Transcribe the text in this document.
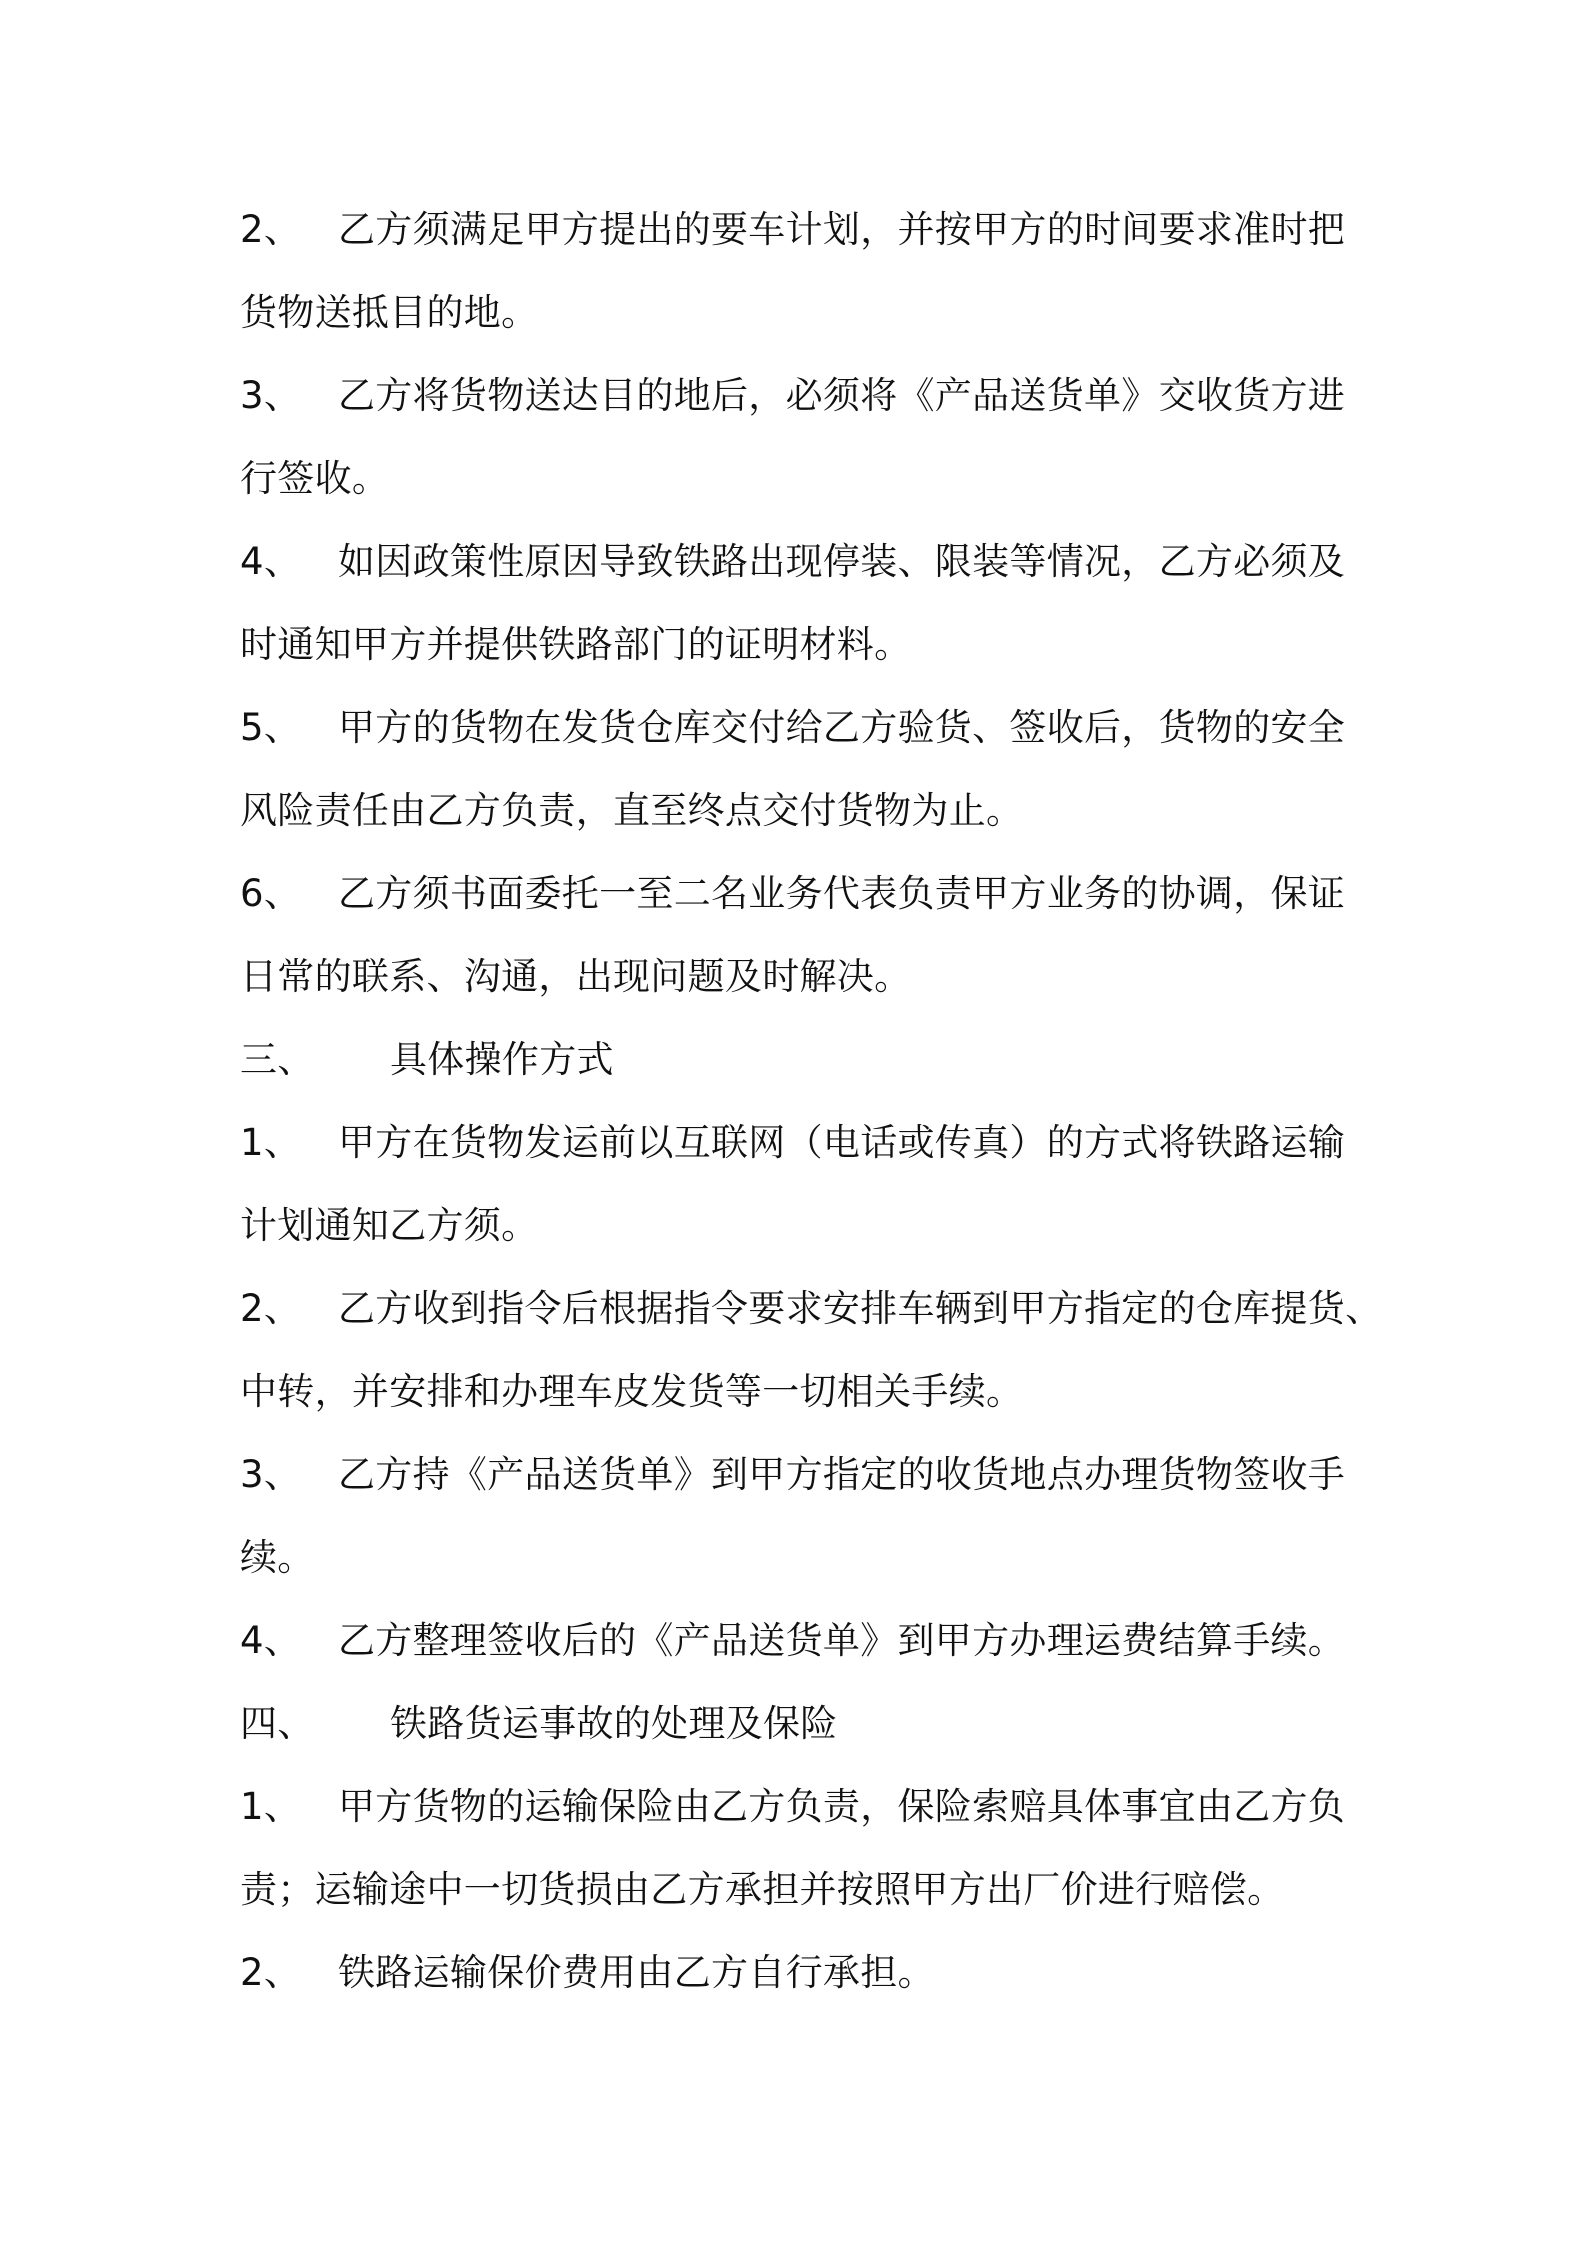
2、 乙方须满足甲方提出的要车计划，并按甲方的时间要求准时把
货物送抵目的地。
3、 乙方将货物送达目的地后，必须将《产品送货单》交收货方进
行签收。
4、 如因政策性原因导致铁路出现停装、限装等情况，乙方必须及
时通知甲方并提供铁路部门的证明材料。
5、 甲方的货物在发货仓库交付给乙方验货、签收后，货物的安全
风险责任由乙方负责，直至终点交付货物为止。
6、 乙方须书面委托一至二名业务代表负责甲方业务的协调，保证
日常的联系、沟通，出现问题及时解决。
三、 具体操作方式
1、 甲方在货物发运前以互联网（电话或传真）的方式将铁路运输
计划通知乙方须。
2、 乙方收到指令后根据指令要求安排车辆到甲方指定的仓库提货、
中转，并安排和办理车皮发货等一切相关手续。
3、 乙方持《产品送货单》到甲方指定的收货地点办理货物签收手
续。
4、 乙方整理签收后的《产品送货单》到甲方办理运费结算手续。
四、 铁路货运事故的处理及保险
1、 甲方货物的运输保险由乙方负责，保险索赔具体事宜由乙方负
责；运输途中一切货损由乙方承担并按照甲方出厂价进行赔偿。
2、 铁路运输保价费用由乙方自行承担。
